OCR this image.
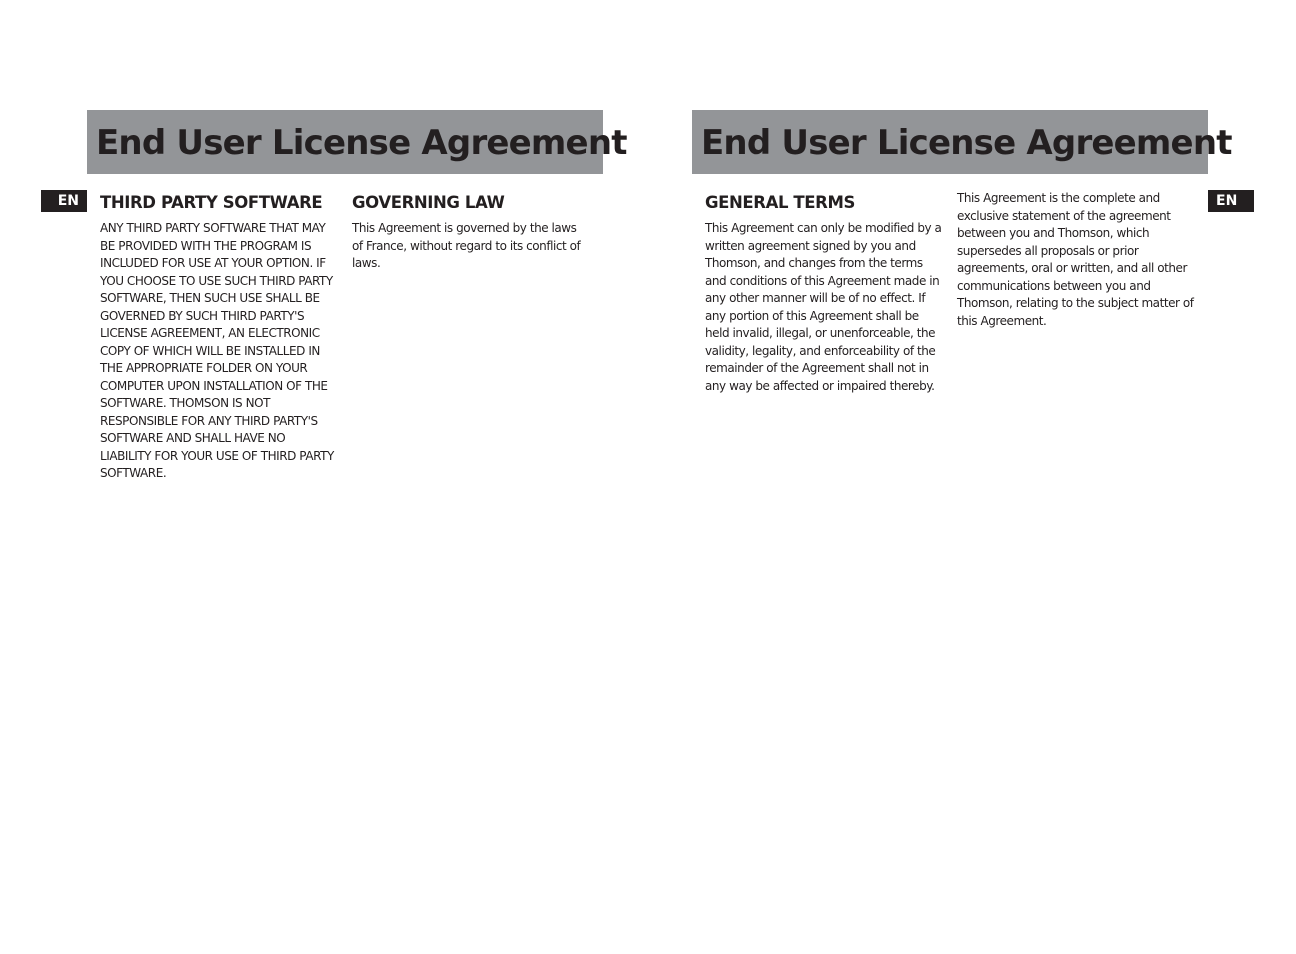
End User License Agreement
EN	THIRD PARTY SOFTWARE

ANY THIRD PARTY SOFTWARE THAT MAY BE PROVIDED WITH THE PROGRAM IS INCLUDED FOR USE AT YOUR OPTION. IF YOU CHOOSE TO USE SUCH THIRD PARTY SOFTWARE, THEN SUCH USE SHALL BE GOVERNED BY SUCH THIRD PARTY'S LICENSE AGREEMENT, AN ELECTRONIC COPY OF WHICH WILL BE INSTALLED IN THE APPROPRIATE FOLDER ON YOUR COMPUTER UPON INSTALLATION OF THE SOFTWARE. THOMSON IS NOT RESPONSIBLE FOR ANY THIRD PARTY'S SOFTWARE AND SHALL HAVE NO LIABILITY FOR YOUR USE OF THIRD PARTY SOFTWARE.

GOVERNING LAW

This Agreement is governed by the laws of France, without regard to its conflict of laws.

End User License Agreement
EN
GENERAL TERMS

This Agreement can only be modified by a written agreement signed by you and Thomson, and changes from the terms and conditions of this Agreement made in any other manner will be of no effect. If any portion of this Agreement shall be held invalid, illegal, or unenforceable, the validity, legality, and enforceability of the remainder of the Agreement shall not in any way be affected or impaired thereby.

This Agreement is the complete and exclusive statement of the agreement between you and Thomson, which supersedes all proposals or prior agreements, oral or written, and all other communications between you and Thomson, relating to the subject matter of this Agreement.
